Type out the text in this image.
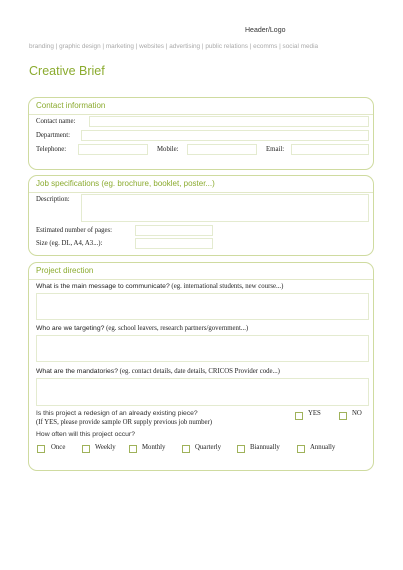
Header/Logo
branding | graphic design | marketing | websites | advertising | public relations | ecomms | social media
Creative Brief
Contact information
Contact name:
Department:
Telephone:	Mobile:	Email:
Job specifications (eg. brochure, booklet, poster...)
Description:
Estimated number of pages:
Size (eg. DL, A4, A3...):
Project direction
What is the main message to communicate? (eg. international students, new course...)
Who are we targeting? (eg. school leavers, research partners/government...)
What are the mandatories? (eg. contact details, date details, CRICOS Provider code...)
Is this project a redesign of an already existing piece?
(If YES, please provide sample OR supply previous job number)
YES	NO
How often will this project occur?
Once	Weekly	Monthly	Quarterly	Biannually	Annually
